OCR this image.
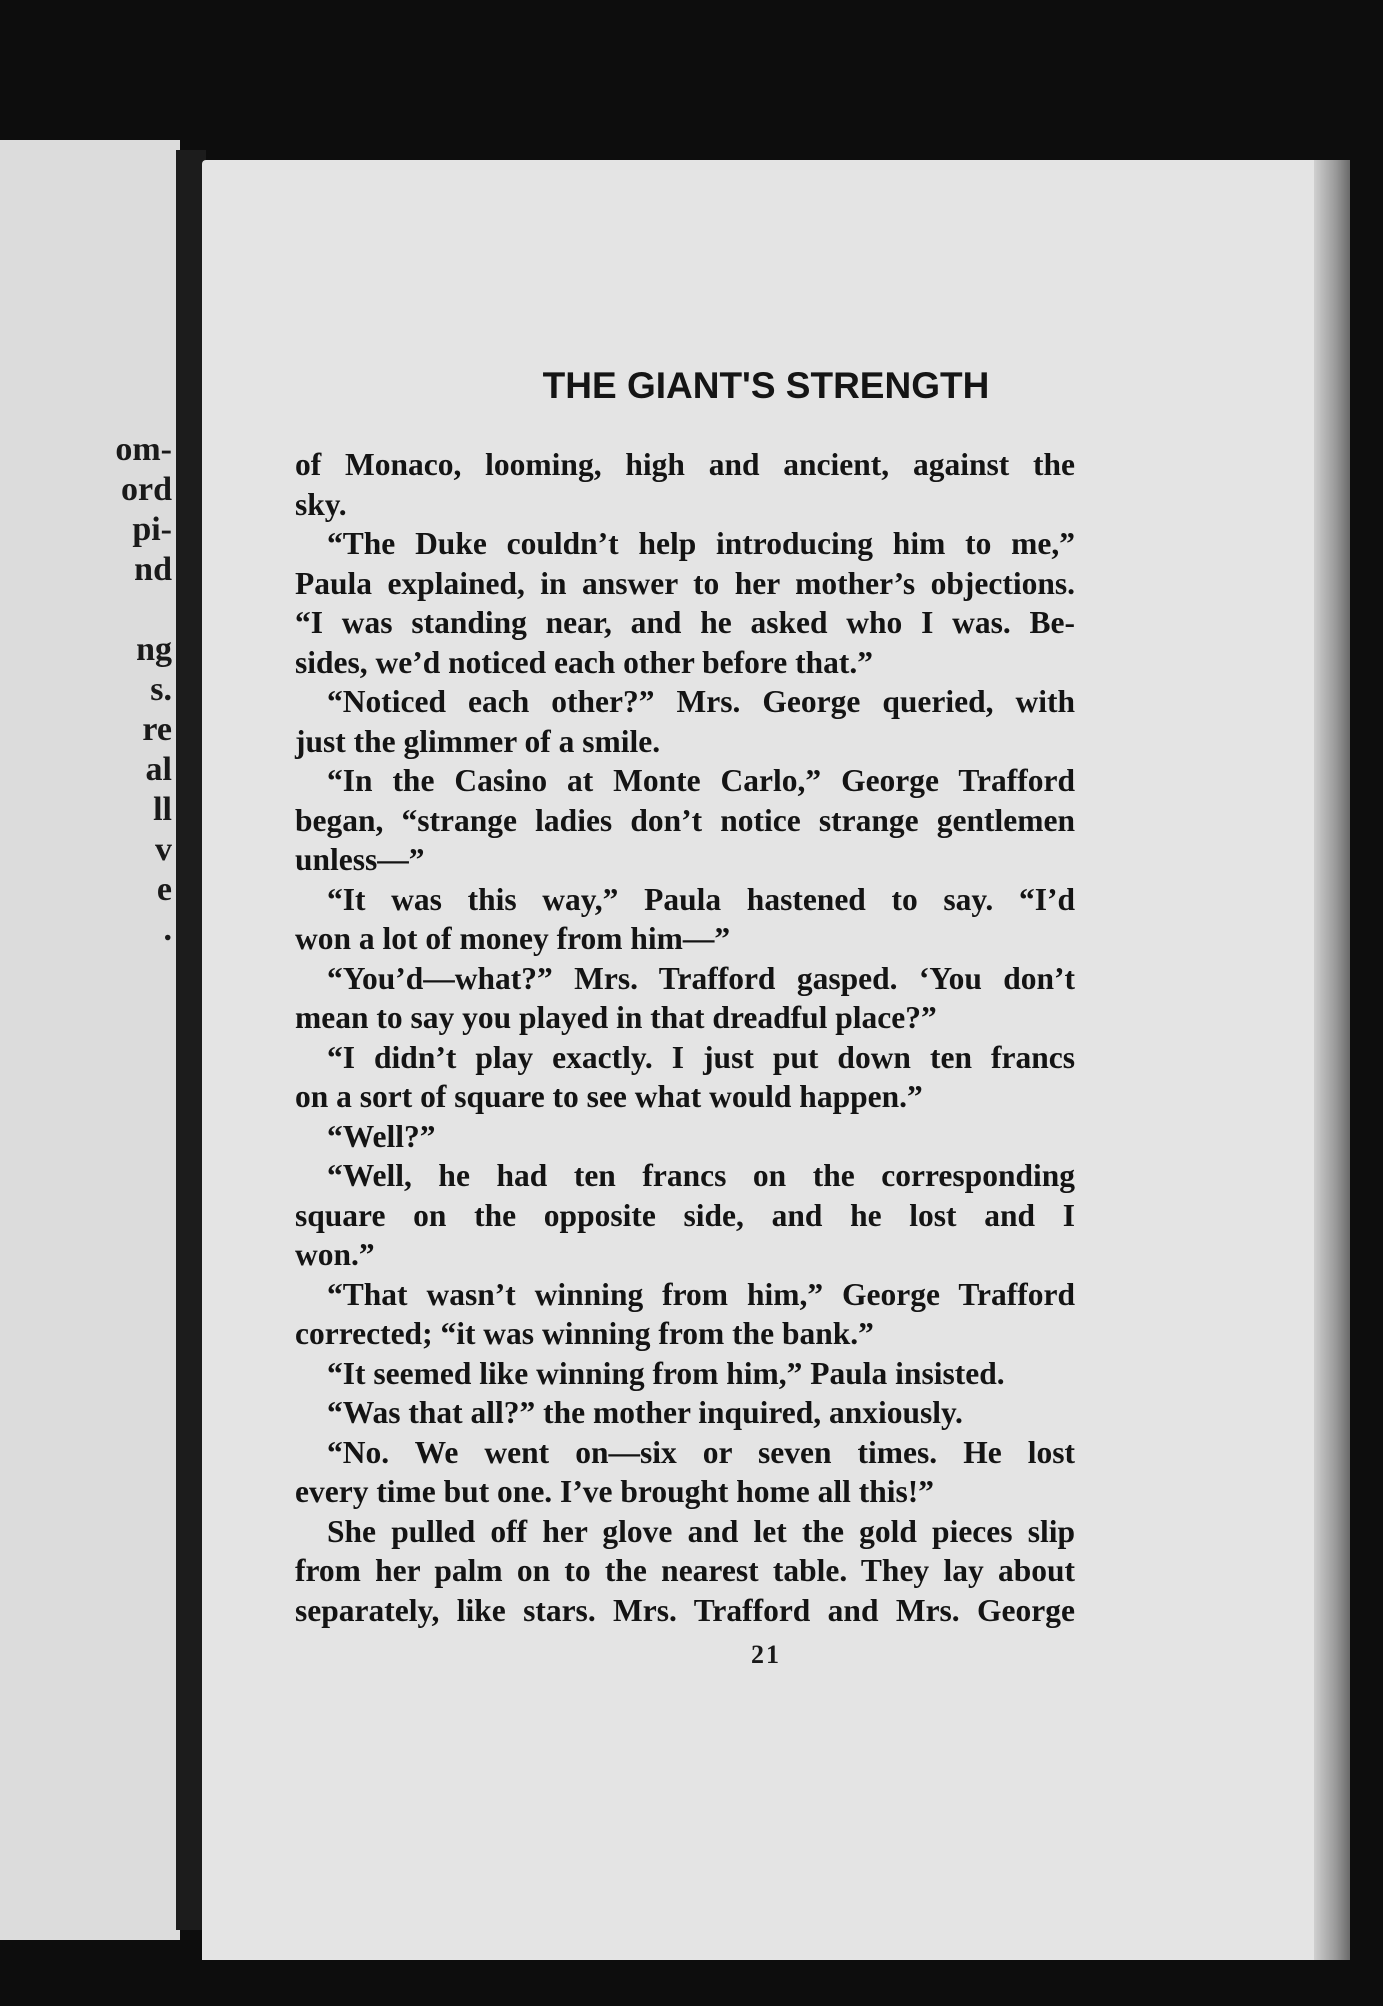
om-
ord
pi-
nd
ng
s.
re
al
ll
v
e
.
THE GIANT'S STRENGTH
of Monaco, looming, high and ancient, against the
sky.
“The Duke couldn’t help introducing him to me,”
Paula explained, in answer to her mother’s objections.
“I was standing near, and he asked who I was. Be-
sides, we’d noticed each other before that.”
“Noticed each other?” Mrs. George queried, with
just the glimmer of a smile.
“In the Casino at Monte Carlo,” George Trafford
began, “strange ladies don’t notice strange gentlemen
unless—”
“It was this way,” Paula hastened to say. “I’d
won a lot of money from him—”
“You’d—what?” Mrs. Trafford gasped. ‘You don’t
mean to say you played in that dreadful place?”
“I didn’t play exactly. I just put down ten francs
on a sort of square to see what would happen.”
“Well?”
“Well, he had ten francs on the corresponding
square on the opposite side, and he lost and I
won.”
“That wasn’t winning from him,” George Trafford
corrected; “it was winning from the bank.”
“It seemed like winning from him,” Paula insisted.
“Was that all?” the mother inquired, anxiously.
“No. We went on—six or seven times. He lost
every time but one. I’ve brought home all this!”
She pulled off her glove and let the gold pieces slip
from her palm on to the nearest table. They lay about
separately, like stars. Mrs. Trafford and Mrs. George
21
